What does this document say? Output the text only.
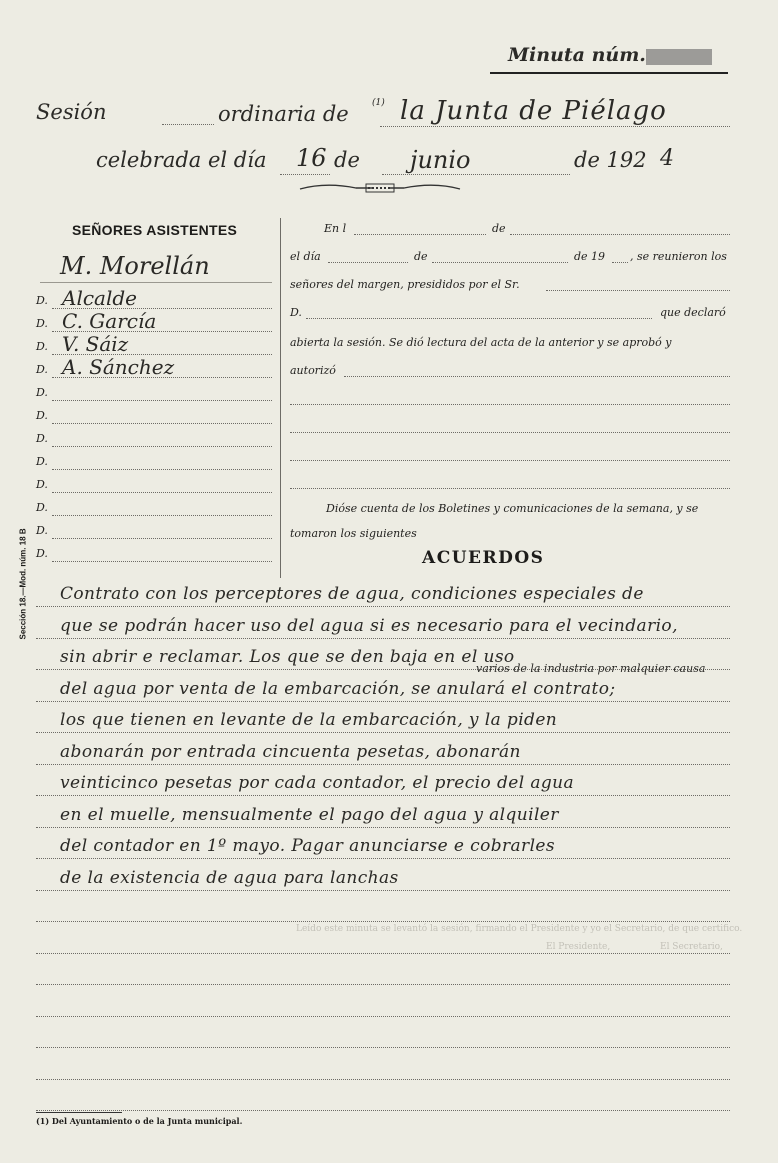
Minuta núm.
Sesión	ordinaria de	(1) la Junta de Piélago
celebrada el día 16 de junio	de 192 4
SEÑORES ASISTENTES
M. Morellán
D. Alcalde
D. C. García
D. V. Sáiz
D. A. Sánchez
D.
D.
D.
D.
D.
D.
D.
D.
Sección 18.—Mod. núm. 18 B
En l	de
el día	de	de 19 , se reunieron los
señores del margen, presididos por el Sr.
D.	que declaró
abierta la sesión. Se dió lectura del acta de la anterior y se aprobó y
autorizó
Dióse cuenta de los Boletines y comunicaciones de la semana, y se
tomaron los siguientes
ACUERDOS
Leído este minuta se levantó la sesión, firmando el Presidente y yo el Secretario, de que certifico.
El Presidente,	El Secretario,
Contrato con los perceptores de agua, condiciones especiales de
que se podrán hacer uso del agua si es necesario para el vecindario,
sin abrir e reclamar. Los que se den baja en el uso
del agua por venta de la embarcación, se anulará el contrato;
los que tienen en levante de la embarcación, y la piden
abonarán por entrada cincuenta pesetas, abonarán
veinticinco pesetas por cada contador, el precio del agua
en el muelle, mensualmente el pago del agua y alquiler
del contador en 1º mayo. Pagar anunciarse e cobrarles
de la existencia de agua para lanchas
varios de la industria por malquier causa
(1) Del Ayuntamiento o de la Junta municipal.
